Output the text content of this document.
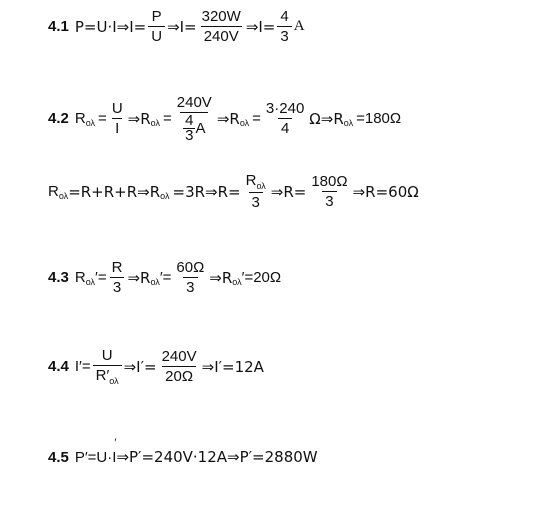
4.1 P=U·I⇒I= $\frac{P}{U}$ ⇒I= $\frac{320W}{240V}$ ⇒I= $\frac{4}{3}$ A
4.2 R $o\lambda = \frac{U}{I}$ ⇒R $o\lambda = \frac{240V}{\frac{4}{3} A}$ ⇒R $o\lambda = \frac{3\cdot 240}{4}$ Ω⇒R ολ =180Ω
R ολ =R+R+R⇒R ολ =3R⇒R= $\frac{R_{o\lambda}}{3}$ ⇒R= $\frac{180\Omega}{3}$ ⇒R=60Ω
4.3 R ολ ′= $\frac{R}{3}$ ⇒R ολ ′= $\frac{60\Omega}{3}$ ⇒R ολ ′=20Ω
4.4 $I'= \frac{U}{R'_{o\lambda}}$ ⇒I′= $\frac{240V}{20\Omega}$ ⇒I′=12A
4.5 P′=U·I
′
⇒P′=240V·12A⇒P′=2880W
